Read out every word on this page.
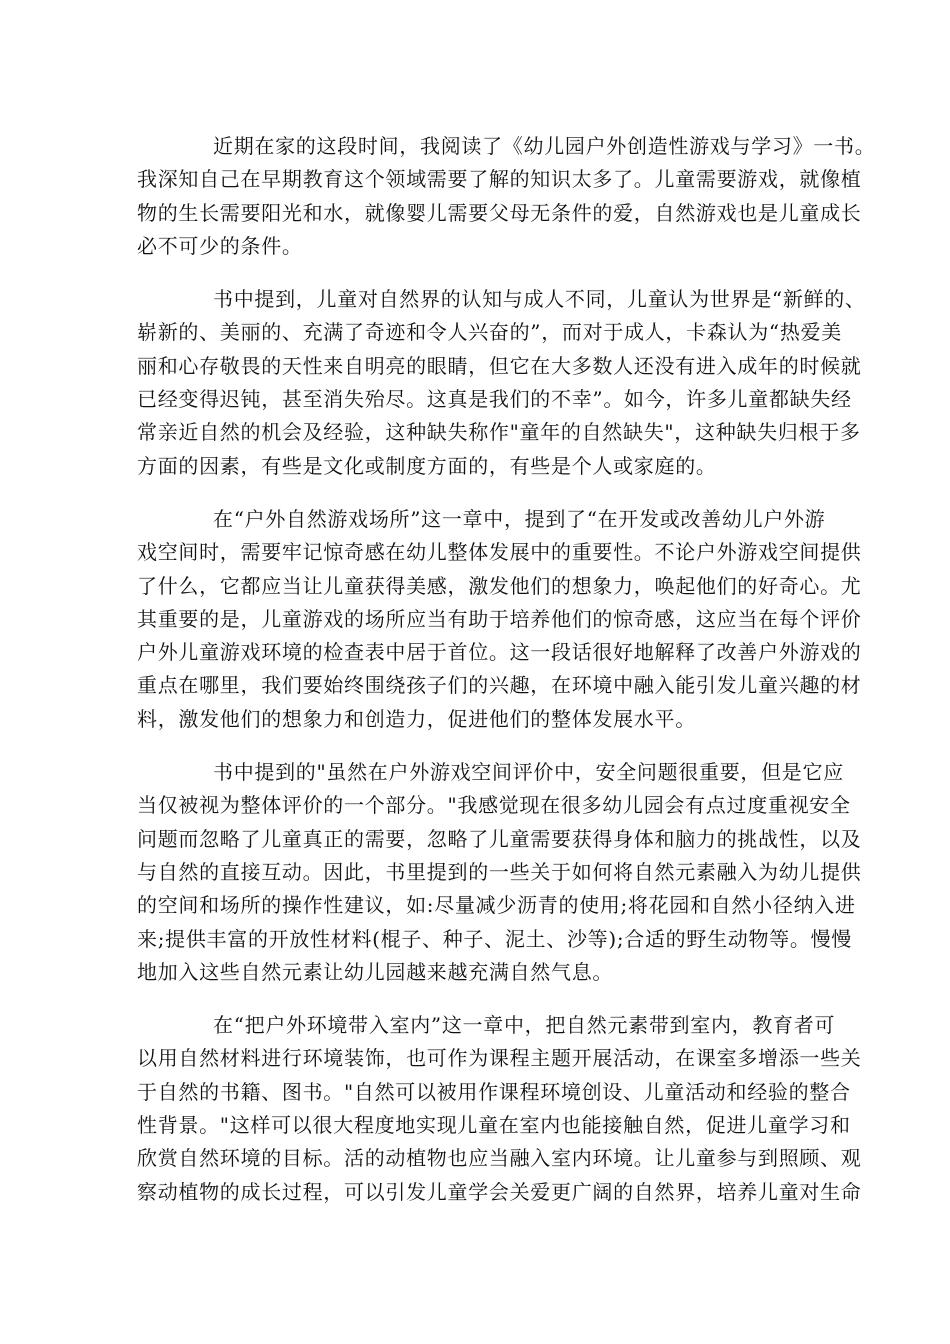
近期在家的这段时间，我阅读了《幼儿园户外创造性游戏与学习》一书。
我深知自己在早期教育这个领域需要了解的知识太多了。儿童需要游戏，就像植
物的生长需要阳光和水，就像婴儿需要父母无条件的爱，自然游戏也是儿童成长
必不可少的条件。
书中提到，儿童对自然界的认知与成人不同，儿童认为世界是“新鲜的、
崭新的、美丽的、充满了奇迹和令人兴奋的”，而对于成人，卡森认为“热爱美
丽和心存敬畏的天性来自明亮的眼睛，但它在大多数人还没有进入成年的时候就
已经变得迟钝，甚至消失殆尽。这真是我们的不幸”。如今，许多儿童都缺失经
常亲近自然的机会及经验，这种缺失称作"童年的自然缺失"，这种缺失归根于多
方面的因素，有些是文化或制度方面的，有些是个人或家庭的。
在“户外自然游戏场所”这一章中，提到了“在开发或改善幼儿户外游
戏空间时，需要牢记惊奇感在幼儿整体发展中的重要性。不论户外游戏空间提供
了什么，它都应当让儿童获得美感，激发他们的想象力，唤起他们的好奇心。尤
其重要的是，儿童游戏的场所应当有助于培养他们的惊奇感，这应当在每个评价
户外儿童游戏环境的检查表中居于首位。这一段话很好地解释了改善户外游戏的
重点在哪里，我们要始终围绕孩子们的兴趣，在环境中融入能引发儿童兴趣的材
料，激发他们的想象力和创造力，促进他们的整体发展水平。
书中提到的"虽然在户外游戏空间评价中，安全问题很重要，但是它应
当仅被视为整体评价的一个部分。"我感觉现在很多幼儿园会有点过度重视安全
问题而忽略了儿童真正的需要，忽略了儿童需要获得身体和脑力的挑战性，以及
与自然的直接互动。因此，书里提到的一些关于如何将自然元素融入为幼儿提供
的空间和场所的操作性建议，如:尽量减少沥青的使用;将花园和自然小径纳入进
来;提供丰富的开放性材料(棍子、种子、泥土、沙等);合适的野生动物等。慢慢
地加入这些自然元素让幼儿园越来越充满自然气息。
在“把户外环境带入室内”这一章中，把自然元素带到室内，教育者可
以用自然材料进行环境装饰，也可作为课程主题开展活动，在课室多增添一些关
于自然的书籍、图书。"自然可以被用作课程环境创设、儿童活动和经验的整合
性背景。"这样可以很大程度地实现儿童在室内也能接触自然，促进儿童学习和
欣赏自然环境的目标。活的动植物也应当融入室内环境。让儿童参与到照顾、观
察动植物的成长过程，可以引发儿童学会关爱更广阔的自然界，培养儿童对生命
